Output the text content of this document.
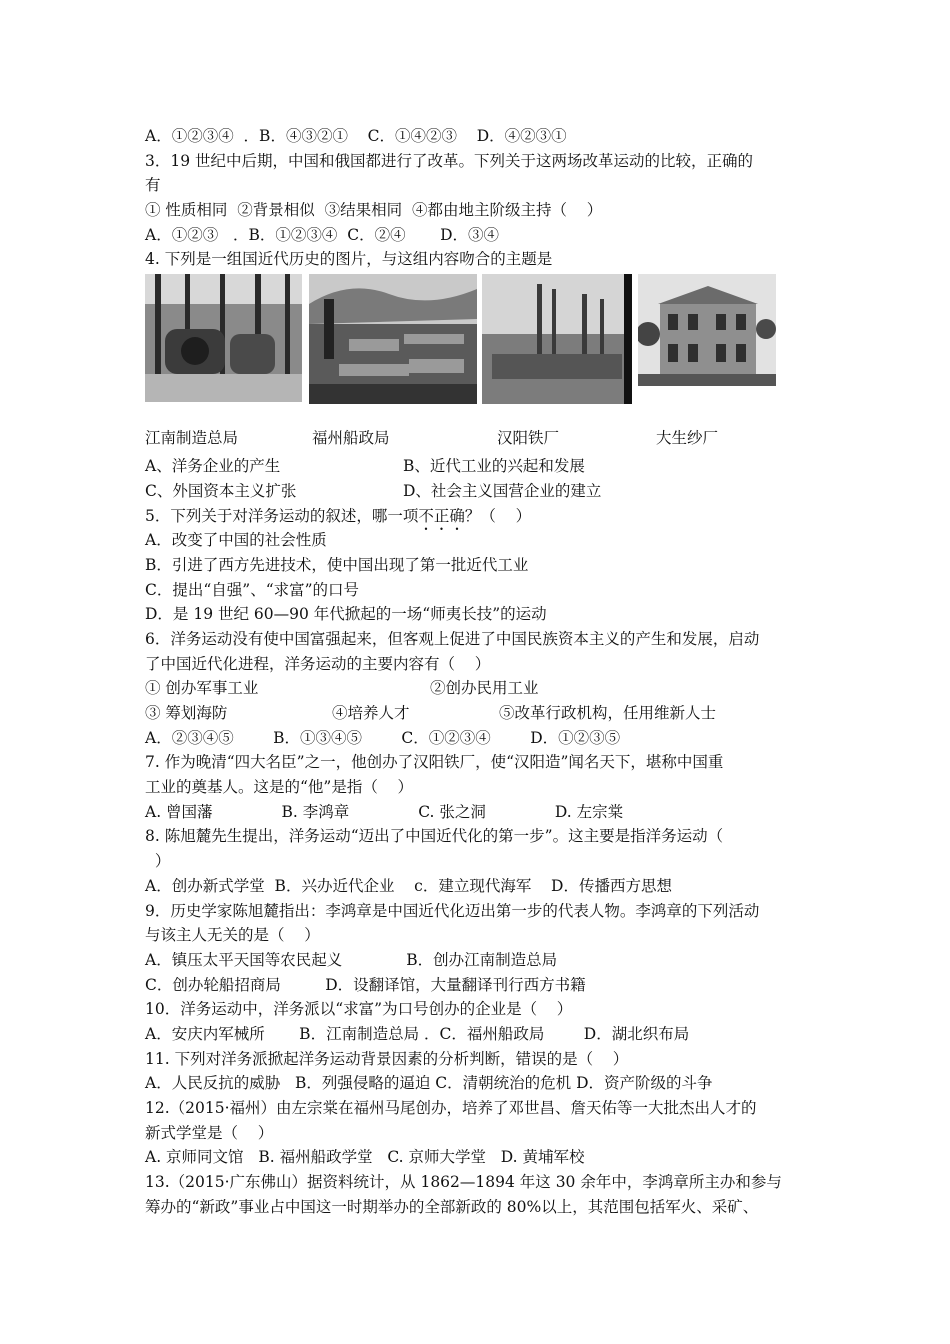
A．①②③④  ．B．④③②①    C．①④②③    D．④②③①
3．19 世纪中后期，中国和俄国都进行了改革。下列关于这两场改革运动的比较，正确的
有
① 性质相同  ②背景相似  ③结果相同  ④都由地主阶级主持（    ）
A．①②③   ．B．①②③④  C．②④       D．③④
4. 下列是一组国近代历史的图片，与这组内容吻合的主题是
江南制造总局	福州船政局	汉阳铁厂	大生纱厂
A、洋务企业的产生	B、近代工业的兴起和发展
C、外国资本主义扩张	D、社会主义国营企业的建立
5．下列关于对洋务运动的叙述，哪一项不正确？（    ）
A．改变了中国的社会性质
B．引进了西方先进技术，使中国出现了第一批近代工业
C．提出“自强”、“求富”的口号
D．是 19 世纪 60—90 年代掀起的一场“师夷长技”的运动
6．洋务运动没有使中国富强起来，但客观上促进了中国民族资本主义的产生和发展，启动
了中国近代化进程，洋务运动的主要内容有（    ）
① 创办军事工业	②创办民用工业
③ 筹划海防	④培养人才	⑤改革行政机构，任用维新人士
A．②③④⑤        B．①③④⑤        C．①②③④        D．①②③⑤
7. 作为晚清“四大名臣”之一，他创办了汉阳铁厂，使“汉阳造”闻名天下，堪称中国重
工业的奠基人。这是的“他”是指（    ）
A. 曾国藩              B. 李鸿章              C. 张之洞              D. 左宗棠
8. 陈旭麓先生提出，洋务运动“迈出了中国近代化的第一步”。这主要是指洋务运动（
）
A．创办新式学堂  B．兴办近代企业    c．建立现代海军    D．传播西方思想
9．历史学家陈旭麓指出：李鸿章是中国近代化迈出第一步的代表人物。李鸿章的下列活动
与该主人无关的是（    ）
A．镇压太平天国等农民起义             B．创办江南制造总局
C．创办轮船招商局         D．设翻译馆，大量翻译刊行西方书籍
10．洋务运动中，洋务派以“求富”为口号创办的企业是（    ）
A．安庆内军械所       B．江南制造总局 ．C．福州船政局        D．湖北织布局
11. 下列对洋务派掀起洋务运动背景因素的分析判断，错误的是（    ）
A．人民反抗的威胁   B．列强侵略的逼迫 C．清朝统治的危机 D．资产阶级的斗争
12.（2015·福州）由左宗棠在福州马尾创办，培养了邓世昌、詹天佑等一大批杰出人才的
新式学堂是（    ）
A. 京师同文馆   B. 福州船政学堂   C. 京师大学堂   D. 黄埔军校
13.（2015·广东佛山）据资料统计，从 1862—1894 年这 30 余年中，李鸿章所主办和参与
筹办的“新政”事业占中国这一时期举办的全部新政的 80%以上，其范围包括军火、采矿、
